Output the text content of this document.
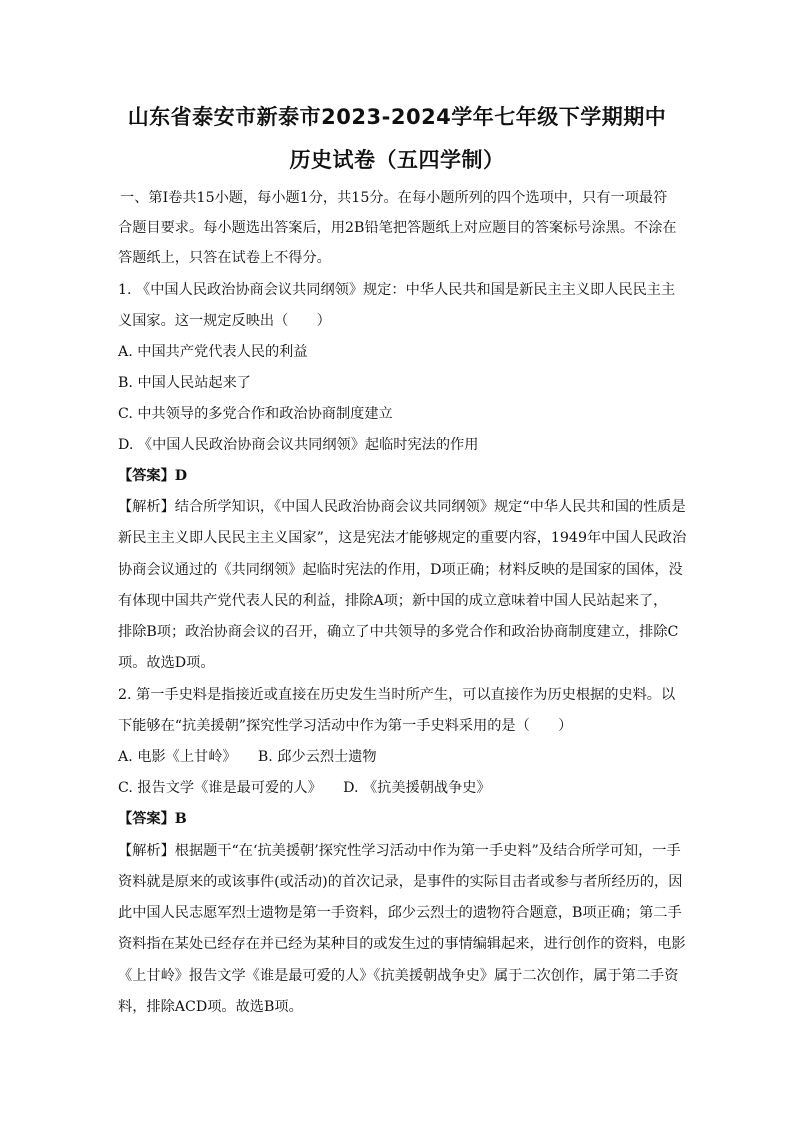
山东省泰安市新泰市2023-2024学年七年级下学期期中
历史试卷（五四学制）
一、第I卷共15小题，每小题1分，共15分。在每小题所列的四个选项中，只有一项最符
合题目要求。每小题选出答案后，用2B铅笔把答题纸上对应题目的答案标号涂黑。不涂在
答题纸上，只答在试卷上不得分。
1. 《中国人民政治协商会议共同纲领》规定：中华人民共和国是新民主主义即人民民主主
义国家。这一规定反映出（　　）
A. 中国共产党代表人民的利益
B. 中国人民站起来了
C. 中共领导的多党合作和政治协商制度建立
D. 《中国人民政治协商会议共同纲领》起临时宪法的作用
【答案】D
【解析】结合所学知识，《中国人民政治协商会议共同纲领》规定“中华人民共和国的性质是
新民主主义即人民民主主义国家”，这是宪法才能够规定的重要内容，1949年中国人民政治
协商会议通过的《共同纲领》起临时宪法的作用，D项正确；材料反映的是国家的国体，没
有体现中国共产党代表人民的利益，排除A项；新中国的成立意味着中国人民站起来了，
排除B项；政治协商会议的召开，确立了中共领导的多党合作和政治协商制度建立，排除C
项。故选D项。
2. 第一手史料是指接近或直接在历史发生当时所产生，可以直接作为历史根据的史料。以
下能够在“抗美援朝”探究性学习活动中作为第一手史料采用的是（　　）
A. 电影《上甘岭》　　B. 邱少云烈士遗物
C. 报告文学《谁是最可爱的人》　　D. 《抗美援朝战争史》
【答案】B
【解析】根据题干“在‘抗美援朝’探究性学习活动中作为第一手史料”及结合所学可知，一手
资料就是原来的或该事件(或活动)的首次记录，是事件的实际目击者或参与者所经历的，因
此中国人民志愿军烈士遗物是第一手资料，邱少云烈士的遗物符合题意，B项正确；第二手
资料指在某处已经存在并已经为某种目的或发生过的事情编辑起来，进行创作的资料，电影
《上甘岭》报告文学《谁是最可爱的人》《抗美援朝战争史》属于二次创作，属于第二手资
料，排除ACD项。故选B项。
